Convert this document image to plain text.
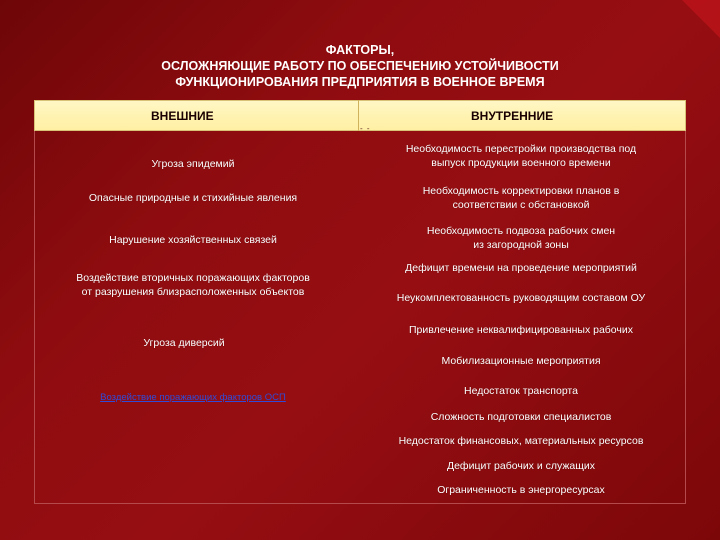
ФАКТОРЫ,
ОСЛОЖНЯЮЩИЕ РАБОТУ ПО ОБЕСПЕЧЕНИЮ УСТОЙЧИВОСТИ
ФУНКЦИОНИРОВАНИЯ ПРЕДПРИЯТИЯ В ВОЕННОЕ ВРЕМЯ
ВНЕШНИЕ	ВНУТРЕННИЕ
- -
Угроза эпидемий
Опасные природные и стихийные явления
Нарушение хозяйственных связей
Воздействие вторичных поражающих факторов
от разрушения близрасположенных объектов
Угроза диверсий
Воздействие поражающих факторов ОСП
Необходимость перестройки производства под
выпуск продукции военного времени
Необходимость корректировки планов в
соответствии с обстановкой
Необходимость подвоза рабочих смен
из загородной зоны
Дефицит времени на проведение мероприятий
Неукомплектованность руководящим составом ОУ
Привлечение неквалифицированных рабочих
Мобилизационные мероприятия
Недостаток транспорта
Сложность подготовки специалистов
Недостаток финансовых, материальных ресурсов
Дефицит рабочих и служащих
Ограниченность в энергоресурсах
